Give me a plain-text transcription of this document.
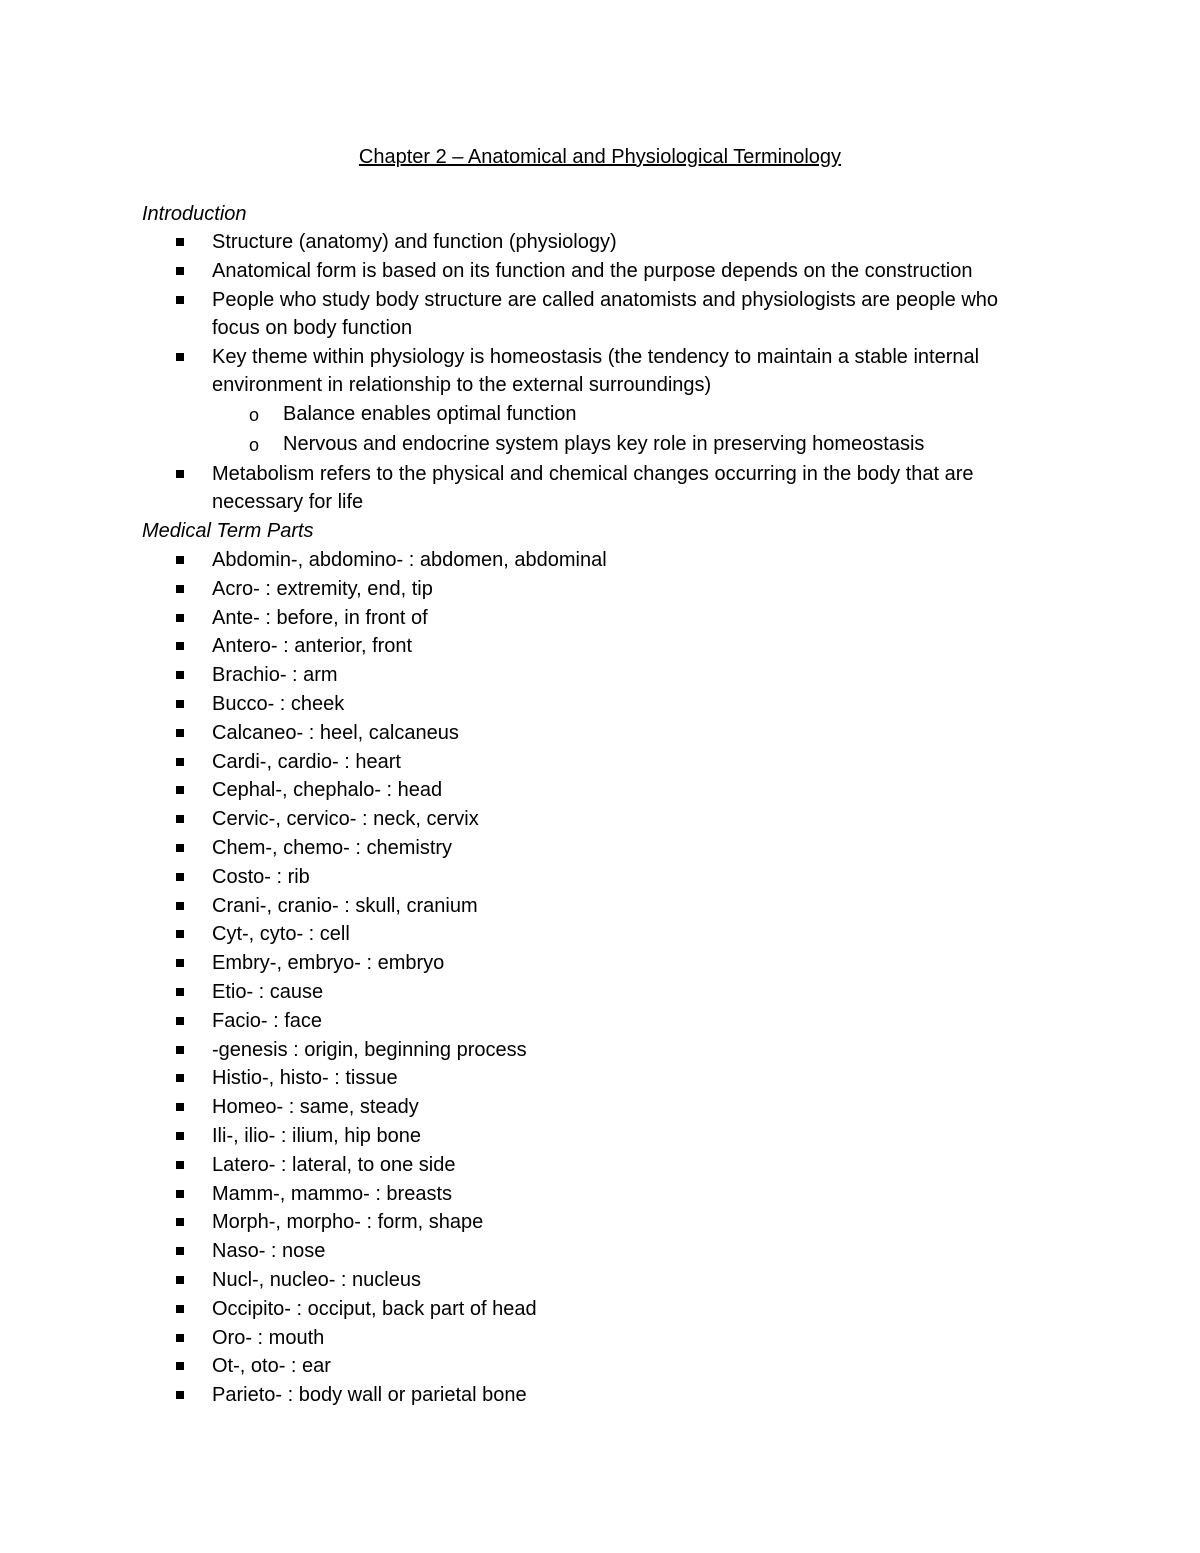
Chapter 2 – Anatomical and Physiological Terminology
Introduction
Structure (anatomy) and function (physiology)
Anatomical form is based on its function and the purpose depends on the construction
People who study body structure are called anatomists and physiologists are people who
focus on body function
Key theme within physiology is homeostasis (the tendency to maintain a stable internal
environment in relationship to the external surroundings)
o Balance enables optimal function
o Nervous and endocrine system plays key role in preserving homeostasis
Metabolism refers to the physical and chemical changes occurring in the body that are
necessary for life
Medical Term Parts
Abdomin-, abdomino- : abdomen, abdominal
Acro- : extremity, end, tip
Ante- : before, in front of
Antero- : anterior, front
Brachio- : arm
Bucco- : cheek
Calcaneo- : heel, calcaneus
Cardi-, cardio- : heart
Cephal-, chephalo- : head
Cervic-, cervico- : neck, cervix
Chem-, chemo- : chemistry
Costo- : rib
Crani-, cranio- : skull, cranium
Cyt-, cyto- : cell
Embry-, embryo- : embryo
Etio- : cause
Facio- : face
-genesis : origin, beginning process
Histio-, histo- : tissue
Homeo- : same, steady
Ili-, ilio- : ilium, hip bone
Latero- : lateral, to one side
Mamm-, mammo- : breasts
Morph-, morpho- : form, shape
Naso- : nose
Nucl-, nucleo- : nucleus
Occipito- : occiput, back part of head
Oro- : mouth
Ot-, oto- : ear
Parieto- : body wall or parietal bone
